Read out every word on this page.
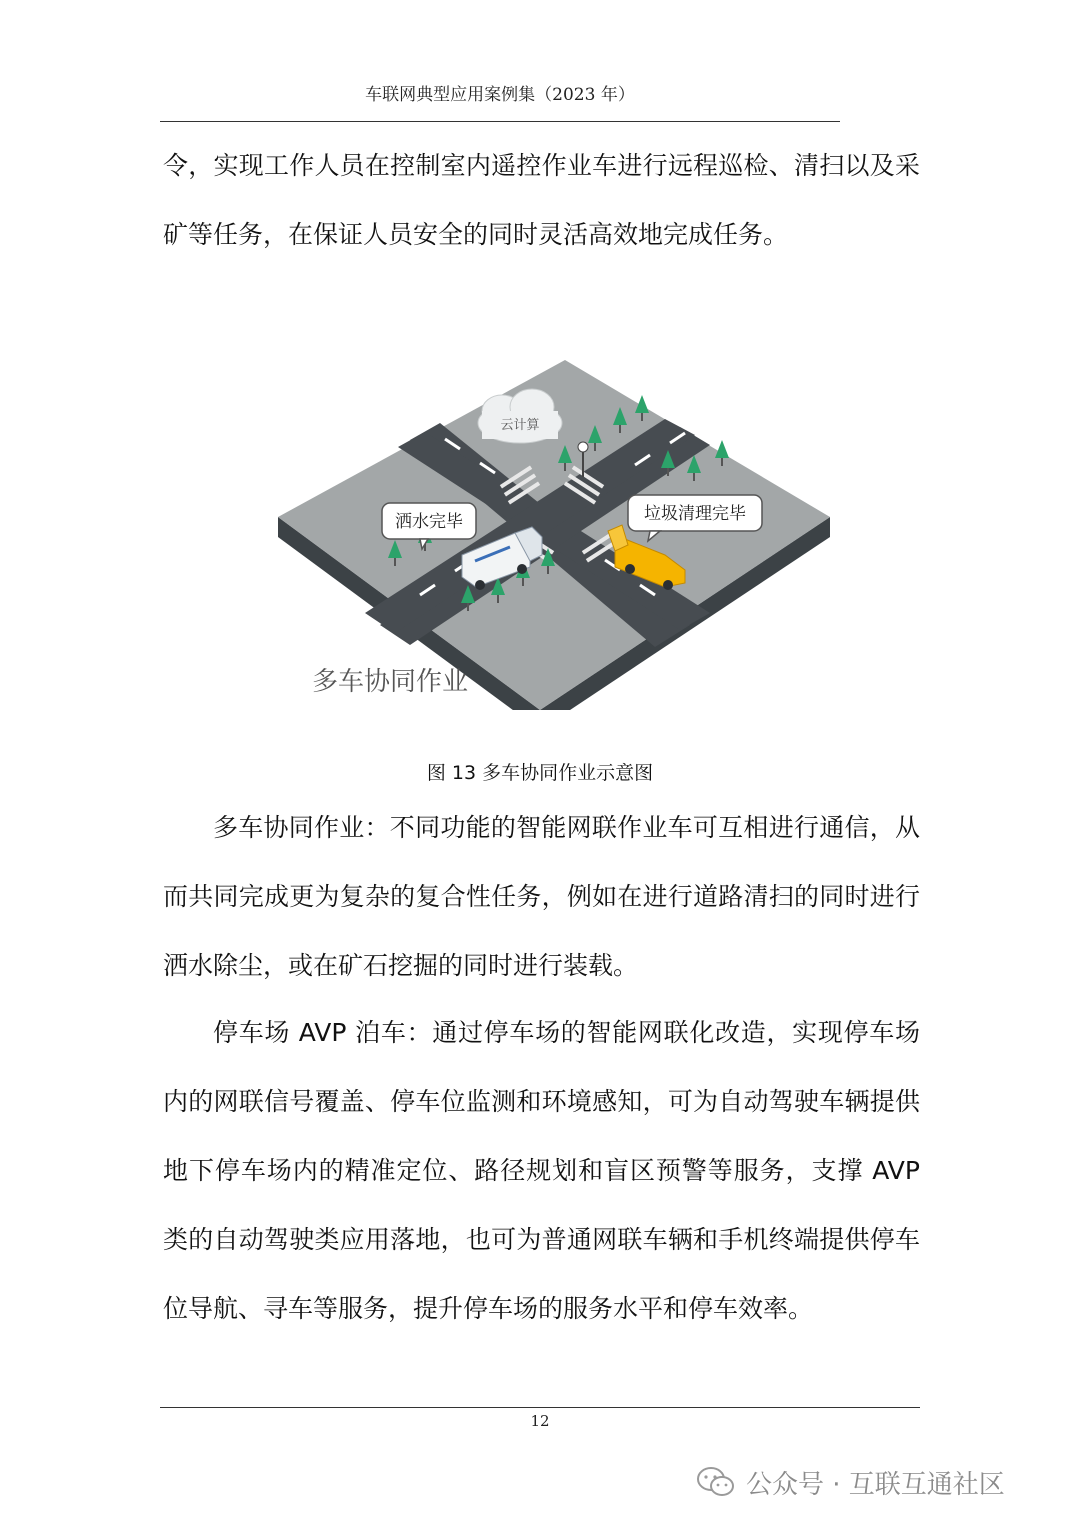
车联网典型应用案例集（2023 年）

令，实现工作人员在控制室内遥控作业车进行远程巡检、清扫以及采矿等任务，在保证人员安全的同时灵活高效地完成任务。

云计算
洒水完毕	垃圾清理完毕
多车协同作业
图 13 多车协同作业示意图

多车协同作业：不同功能的智能网联作业车可互相进行通信，从而共同完成更为复杂的复合性任务，例如在进行道路清扫的同时进行洒水除尘，或在矿石挖掘的同时进行装载。

停车场 AVP 泊车：通过停车场的智能网联化改造，实现停车场内的网联信号覆盖、停车位监测和环境感知，可为自动驾驶车辆提供地下停车场内的精准定位、路径规划和盲区预警等服务，支撑 AVP 类的自动驾驶类应用落地，也可为普通网联车辆和手机终端提供停车位导航、寻车等服务，提升停车场的服务水平和停车效率。

12
公众号 · 互联互通社区
